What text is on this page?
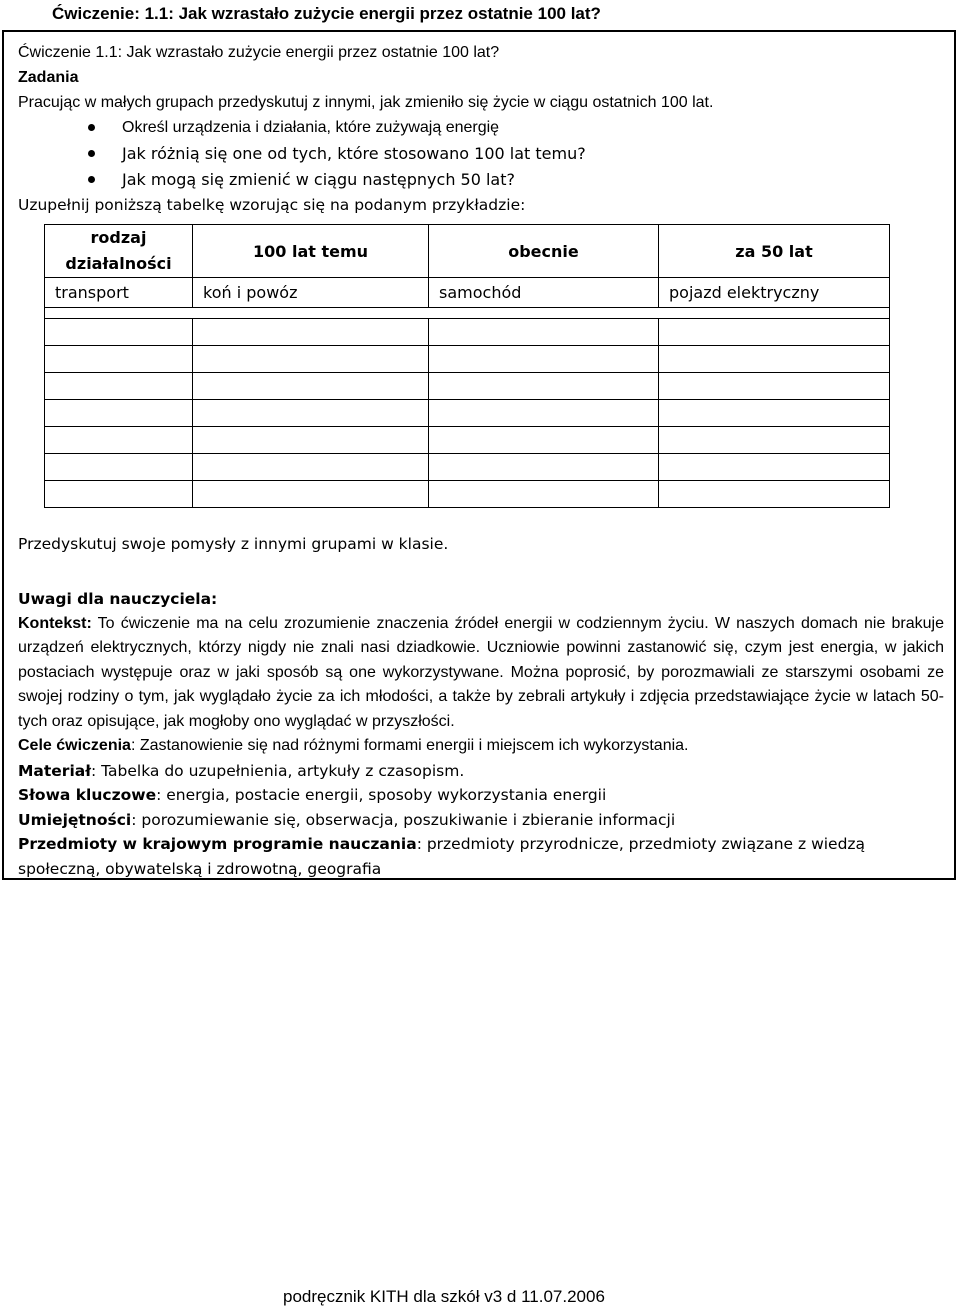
Ćwiczenie: 1.1: Jak wzrastało zużycie energii przez ostatnie 100 lat?
Ćwiczenie 1.1: Jak wzrastało zużycie energii przez ostatnie 100 lat?
Zadania
Pracując w małych grupach przedyskutuj z innymi, jak zmieniło się życie w ciągu ostatnich 100 lat.
Określ urządzenia i działania, które zużywają energię
Jak różnią się one od tych, które stosowano 100 lat temu?
Jak mogą się zmienić w ciągu następnych 50 lat?
Uzupełnij poniższą tabelkę wzorując się na podanym przykładzie:
rodzaj działalności	100 lat temu	obecnie	za 50 lat
transport	koń i powóz	samochód	pojazd elektryczny

Przedyskutuj swoje pomysły z innymi grupami w klasie.

Uwagi dla nauczyciela:

Kontekst: To ćwiczenie ma na celu zrozumienie znaczenia źródeł energii w codziennym życiu. W naszych domach nie brakuje urządzeń elektrycznych, którzy nigdy nie znali nasi dziadkowie. Uczniowie powinni zastanowić się, czym jest energia, w jakich postaciach występuje oraz w jaki sposób są one wykorzystywane. Można poprosić, by porozmawiali ze starszymi osobami ze swojej rodziny o tym, jak wyglądało życie za ich młodości, a także by zebrali artykuły i zdjęcia przedstawiające życie w latach 50-tych oraz opisujące, jak mogłoby ono wyglądać w przyszłości.

Cele ćwiczenia: Zastanowienie się nad różnymi formami energii i miejscem ich wykorzystania.

Materiał: Tabelka do uzupełnienia, artykuły z czasopism.

Słowa kluczowe: energia, postacie energii, sposoby wykorzystania energii

Umiejętności: porozumiewanie się, obserwacja, poszukiwanie i zbieranie informacji

Przedmioty w krajowym programie nauczania: przedmioty przyrodnicze, przedmioty związane z wiedzą społeczną, obywatelską i zdrowotną, geografia

podręcznik KITH dla szkół v3 d 11.07.2006
